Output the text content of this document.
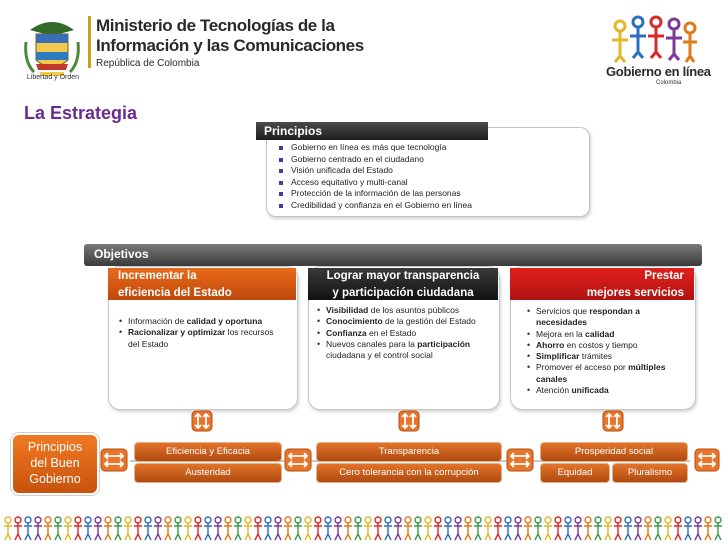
Libertad y Orden
Ministerio de Tecnologías de la
Información y las Comunicaciones
República de Colombia
Gobierno en línea
Colombia
La Estrategia
Principios
Gobierno en línea es más que tecnología
Gobierno centrado en el ciudadano
Visión unificada del Estado
Acceso equitativo y multi-canal
Protección de la información de las personas
Credibilidad y confianza en el Gobierno en línea
Objetivos
Incrementar la
eficiencia del Estado
• Información de calidad y oportuna
• Racionalizar y optimizar los recursos del Estado
Lograr mayor transparencia
y participación ciudadana
• Visibilidad de los asuntos públicos
• Conocimiento de la gestión del Estado
• Confianza en el Estado
• Nuevos canales para la participación ciudadana y el control social
Prestar
mejores servicios
• Servicios que respondan a necesidades
• Mejora en la calidad
• Ahorro en costos y tiempo
• Simplificar trámites
• Promover el acceso por múltiples canales
• Atención unificada
Principios
del Buen
Gobierno
Eficiencia y Eficacia
Austeridad
Transparencia
Cero tolerancia con la corrupción
Prosperidad social
Equidad	Pluralismo
